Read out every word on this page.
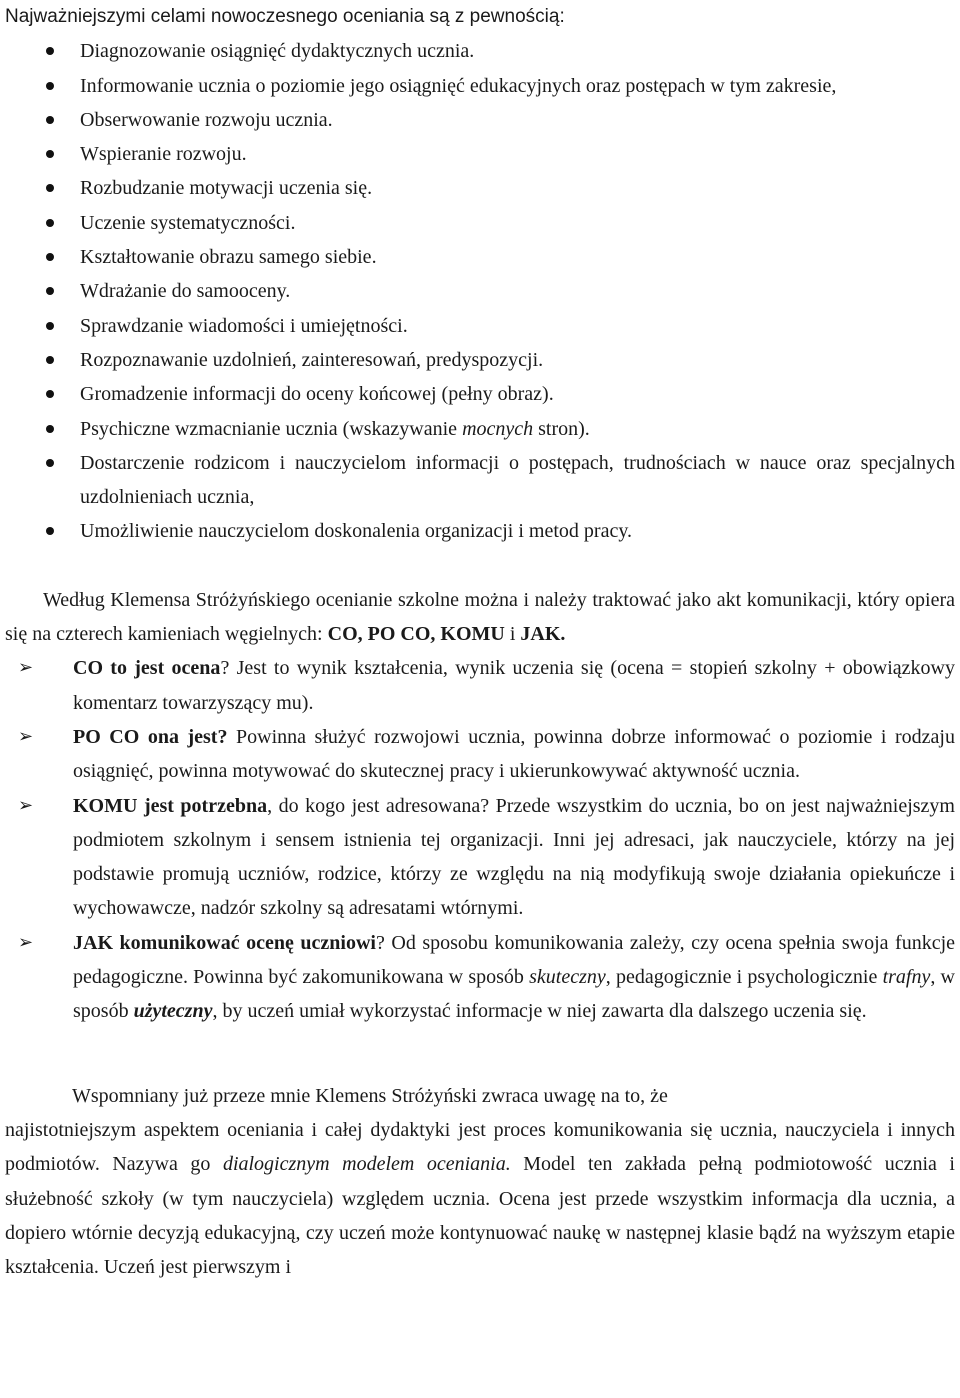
Najważniejszymi celami nowoczesnego oceniania są z pewnością:

Diagnozowanie osiągnięć dydaktycznych ucznia.
Informowanie ucznia o poziomie jego osiągnięć edukacyjnych oraz postępach w tym zakresie,
Obserwowanie rozwoju ucznia.
Wspieranie rozwoju.
Rozbudzanie motywacji uczenia się.
Uczenie systematyczności.
Kształtowanie obrazu samego siebie.
Wdrażanie do samooceny.
Sprawdzanie wiadomości i umiejętności.
Rozpoznawanie uzdolnień, zainteresowań, predyspozycji.
Gromadzenie informacji do oceny końcowej (pełny obraz).
Psychiczne wzmacnianie ucznia (wskazywanie mocnych stron).
Dostarczenie rodzicom i nauczycielom informacji o postępach, trudnościach w nauce oraz specjalnych uzdolnieniach ucznia,
Umożliwienie nauczycielom doskonalenia organizacji i metod pracy.

Według Klemensa Stróżyńskiego ocenianie szkolne można i należy traktować jako akt komunikacji, który opiera się na czterech kamieniach węgielnych: CO, PO CO, KOMU i JAK.

➢ CO to jest ocena? Jest to wynik kształcenia, wynik uczenia się (ocena = stopień szkolny + obowiązkowy komentarz towarzyszący mu).
➢ PO CO ona jest? Powinna służyć rozwojowi ucznia, powinna dobrze informować o poziomie i rodzaju osiągnięć, powinna motywować do skutecznej pracy i ukierunkowywać aktywność ucznia.
➢ KOMU jest potrzebna, do kogo jest adresowana? Przede wszystkim do ucznia, bo on jest najważniejszym podmiotem szkolnym i sensem istnienia tej organizacji. Inni jej adresaci, jak nauczyciele, którzy na jej podstawie promują uczniów, rodzice, którzy ze względu na nią modyfikują swoje działania opiekuńcze i wychowawcze, nadzór szkolny są adresatami wtórnymi.
➢ JAK komunikować ocenę uczniowi? Od sposobu komunikowania zależy, czy ocena spełnia swoja funkcje pedagogiczne. Powinna być zakomunikowana w sposób skuteczny, pedagogicznie i psychologicznie trafny, w sposób użyteczny, by uczeń umiał wykorzystać informacje w niej zawarta dla dalszego uczenia się.

Wspomniany już przeze mnie Klemens Stróżyński zwraca uwagę na to, że
najistotniejszym aspektem oceniania i całej dydaktyki jest proces komunikowania się ucznia, nauczyciela i innych podmiotów. Nazywa go dialogicznym modelem oceniania. Model ten zakłada pełną podmiotowość ucznia i służebność szkoły (w tym nauczyciela) względem ucznia. Ocena jest przede wszystkim informacja dla ucznia, a dopiero wtórnie decyzją edukacyjną, czy uczeń może kontynuować naukę w następnej klasie bądź na wyższym etapie kształcenia. Uczeń jest pierwszym i
